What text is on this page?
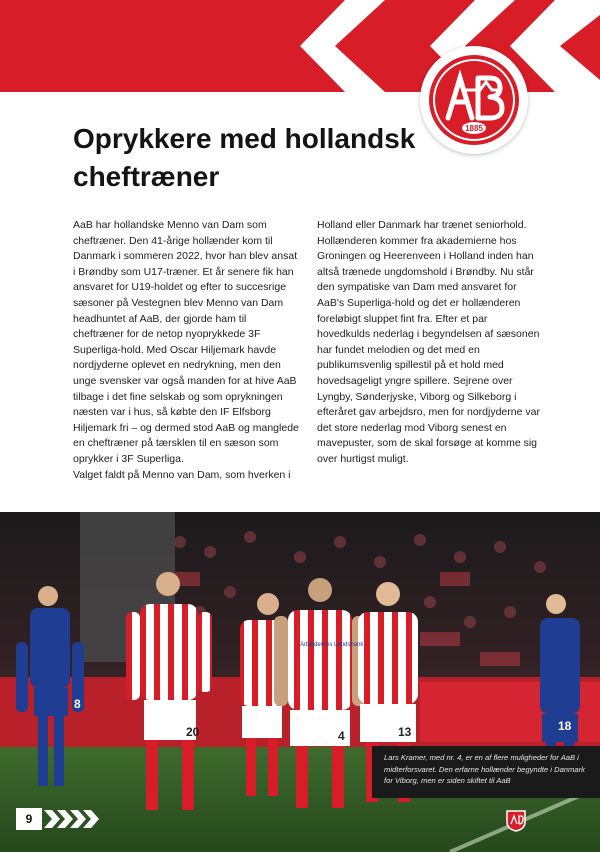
1885
Oprykkere med hollandsk cheftræner

AaB har hollandske Menno van Dam som cheftræner. Den 41-årige hollænder kom til Danmark i sommeren 2022, hvor han blev ansat i Brøndby som U17-træner. Et år senere fik han ansvaret for U19-holdet og efter to succesrige sæsoner på Vestegnen blev Menno van Dam headhuntet af AaB, der gjorde ham til cheftræner for de netop nyoprykkede 3F Superliga-hold. Med Oscar Hiljemark havde nordjyderne oplevet en nedrykning, men den unge svensker var også manden for at hive AaB tilbage i det fine selskab og som oprykningen næsten var i hus, så købte den IF Elfsborg Hiljemark fri – og dermed stod AaB og manglede en cheftræner på tærsklen til en sæson som oprykker i 3F Superliga.

Valget faldt på Menno van Dam, som hverken i

Holland eller Danmark har trænet seniorhold. Hollænderen kommer fra akademierne hos Groningen og Heerenveen i Holland inden han altså trænede ungdomshold i Brøndby. Nu står den sympatiske van Dam med ansvaret for AaB's Superliga-hold og det er hollænderen foreløbigt sluppet fint fra. Efter et par hovedkulds nederlag i begyndelsen af sæsonen har fundet melodien og det med en publikumsvenlig spillestil på et hold med hovedsageligt yngre spillere. Sejrene over Lyngby, Sønderjyske, Viborg og Silkeborg i efteråret gav arbejdsro, men for nordjyderne var det store nederlag mod Viborg senest en mavepuster, som de skal forsøge at komme sig over hurtigst muligt.

8
20	4	13	18
Arbejdernes Landsbank
Lars Kramer, med nr. 4, er en af flere muligheder for AaB i midterforsvaret. Den erfarne hollænder begyndte i Danmark for Viborg, men er siden skiftet til AaB
9
